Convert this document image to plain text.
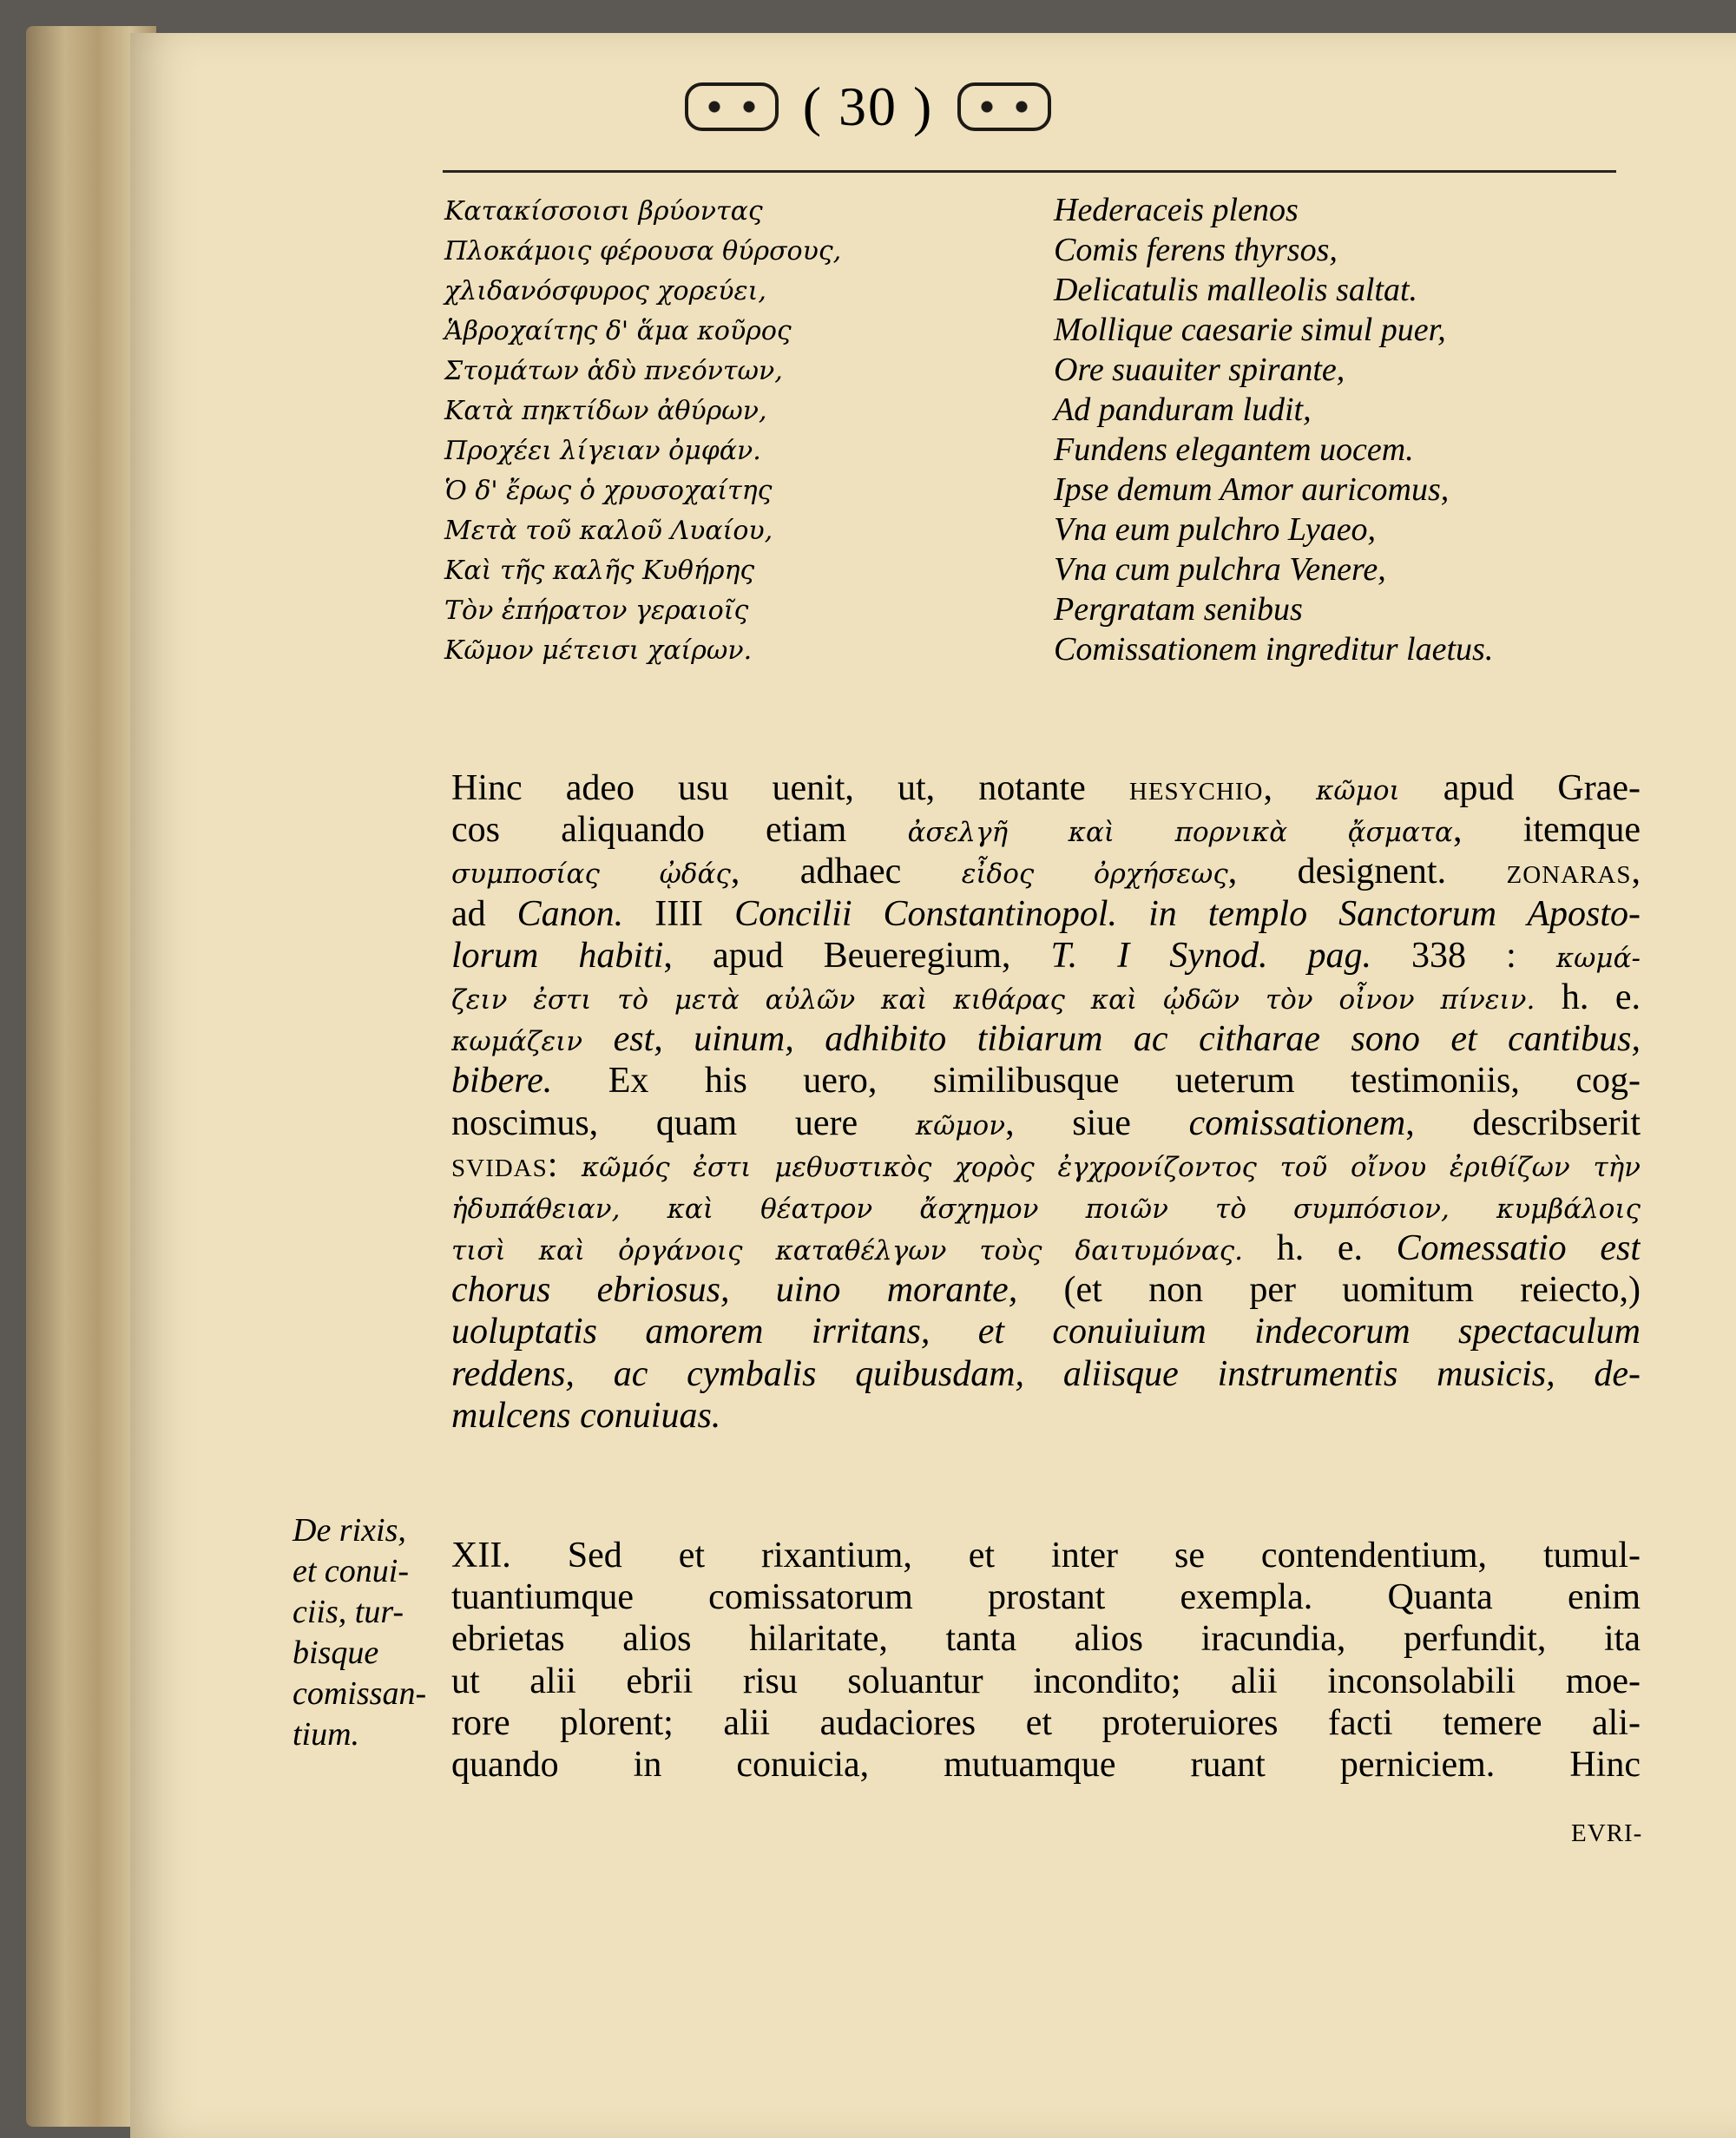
( 30 )
Κατακίσσοισι βρύοντας
Πλοκάμοις φέρουσα θύρσους,
χλιδανόσφυρος χορεύει,
Ἁβροχαίτης δ' ἅμα κοῦρος
Στομάτων ἁδὺ πνεόντων,
Κατὰ πηκτίδων ἀθύρων,
Προχέει λίγειαν ὀμφάν.
Ὁ δ' ἔρως ὁ χρυσοχαίτης
Μετὰ τοῦ καλοῦ Λυαίου,
Καὶ τῆς καλῆς Κυθήρης
Τὸν ἐπήρατον γεραιοῖς
Κῶμον μέτεισι χαίρων.
Hederaceis plenos
Comis ferens thyrsos,
Delicatulis malleolis saltat.
Mollique caesarie simul puer,
Ore suauiter spirante,
Ad panduram ludit,
Fundens elegantem uocem.
Ipse demum Amor auricomus,
Vna eum pulchro Lyaeo,
Vna cum pulchra Venere,
Pergratam senibus
Comissationem ingreditur laetus.
Hinc adeo usu uenit, ut, notante HESYCHIO, κῶμοι apud Grae-
cos aliquando etiam ἀσελγῆ καὶ πορνικὰ ᾄσματα, itemque
συμποσίας ᾠδάς, adhaec εἶδος ὀρχήσεως, designent. ZONARAS,
ad Canon. IIII Concilii Constantinopol. in templo Sanctorum Aposto-
lorum habiti, apud Beueregium, T. I Synod. pag. 338 : κωμά-
ζειν ἐστι τὸ μετὰ αὐλῶν καὶ κιθάρας καὶ ᾠδῶν τὸν οἶνον πίνειν. h. e.
κωμάζειν est, uinum, adhibito tibiarum ac citharae sono et cantibus,
bibere. Ex his uero, similibusque ueterum testimoniis, cog-
noscimus, quam uere κῶμον, siue comissationem, describserit
SVIDAS: κῶμός ἐστι μεθυστικὸς χορὸς ἐγχρονίζοντος τοῦ οἴνου ἐριθίζων τὴν
ἡδυπάθειαν, καὶ θέατρον ἄσχημον ποιῶν τὸ συμπόσιον, κυμβάλοις
τισὶ καὶ ὀργάνοις καταθέλγων τοὺς δαιτυμόνας. h. e. Comessatio est
chorus ebriosus, uino morante, (et non per uomitum reiecto,)
uoluptatis amorem irritans, et conuiuium indecorum spectaculum
reddens, ac cymbalis quibusdam, aliisque instrumentis musicis, de-
mulcens conuiuas.
De rixis,
et conui-
ciis, tur-
bisque
comissan-
tium.
XII. Sed et rixantium, et inter se contendentium, tumul-
tuantiumque comissatorum prostant exempla. Quanta enim
ebrietas alios hilaritate, tanta alios iracundia, perfundit, ita
ut alii ebrii risu soluantur incondito; alii inconsolabili moe-
rore plorent; alii audaciores et proteruiores facti temere ali-
quando in conuicia, mutuamque ruant perniciem. Hinc
EVRI-
